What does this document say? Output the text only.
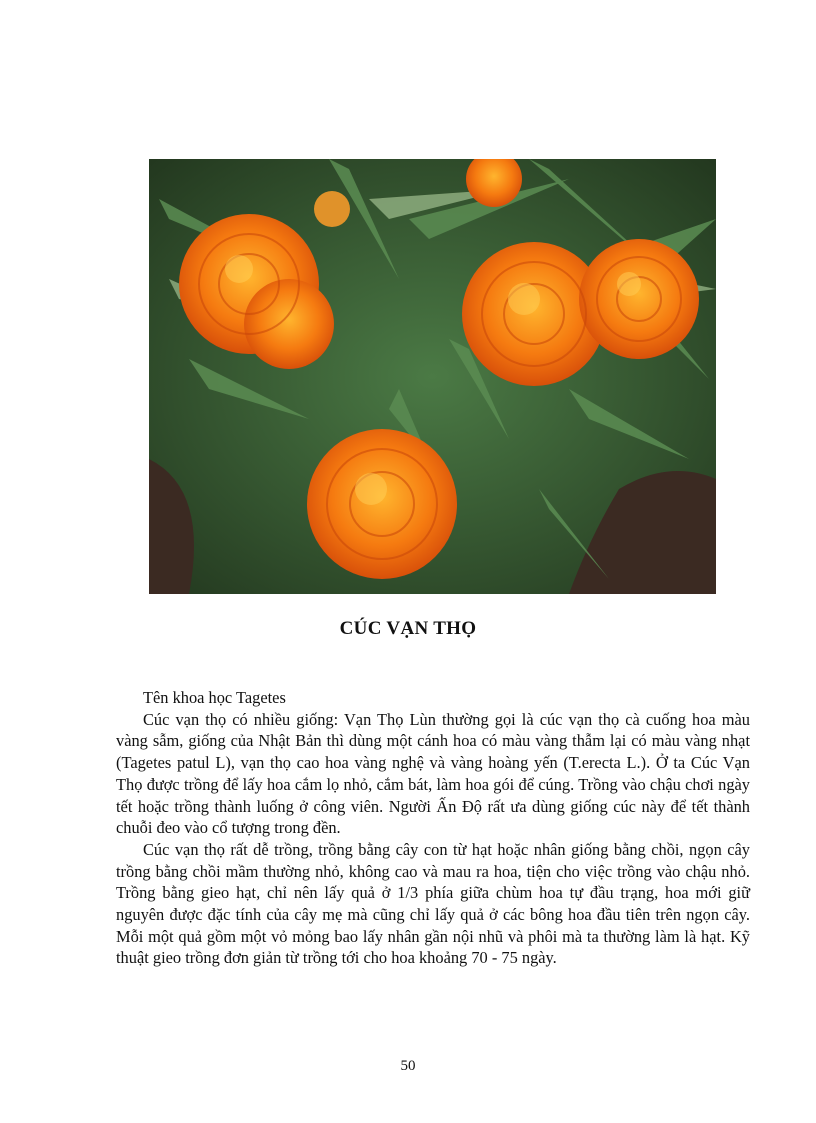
CÚC VẠN THỌ

Tên khoa học Tagetes

Cúc vạn thọ có nhiều giống: Vạn Thọ Lùn thường gọi là cúc vạn thọ cà cuống hoa màu vàng sẫm, giống của Nhật Bản thì dùng một cánh hoa có màu vàng thẫm lại có màu vàng nhạt (Tagetes patul L), vạn thọ cao hoa vàng nghệ và vàng hoàng yến (T.erecta L.). Ở ta Cúc Vạn Thọ được trồng để lấy hoa cắm lọ nhỏ, cắm bát, làm hoa gói để cúng. Trồng vào chậu chơi ngày tết hoặc trồng thành luống ở công viên. Người Ấn Độ rất ưa dùng giống cúc này để tết thành chuỗi đeo vào cổ tượng trong đền.

Cúc vạn thọ rất dễ trồng, trồng bằng cây con từ hạt hoặc nhân giống bằng chồi, ngọn cây trồng bằng chồi mầm thường nhỏ, không cao và mau ra hoa, tiện cho việc trồng vào chậu nhỏ. Trồng bằng gieo hạt, chỉ nên lấy quả ở 1/3 phía giữa chùm hoa tự đầu trạng, hoa mới giữ nguyên được đặc tính của cây mẹ mà cũng chỉ lấy quả ở các bông hoa đầu tiên trên ngọn cây. Mỗi một quả gồm một vỏ mỏng bao lấy nhân gần nội nhũ và phôi mà ta thường làm là hạt. Kỹ thuật gieo trồng đơn giản từ trồng tới cho hoa khoảng 70 - 75 ngày.

50
